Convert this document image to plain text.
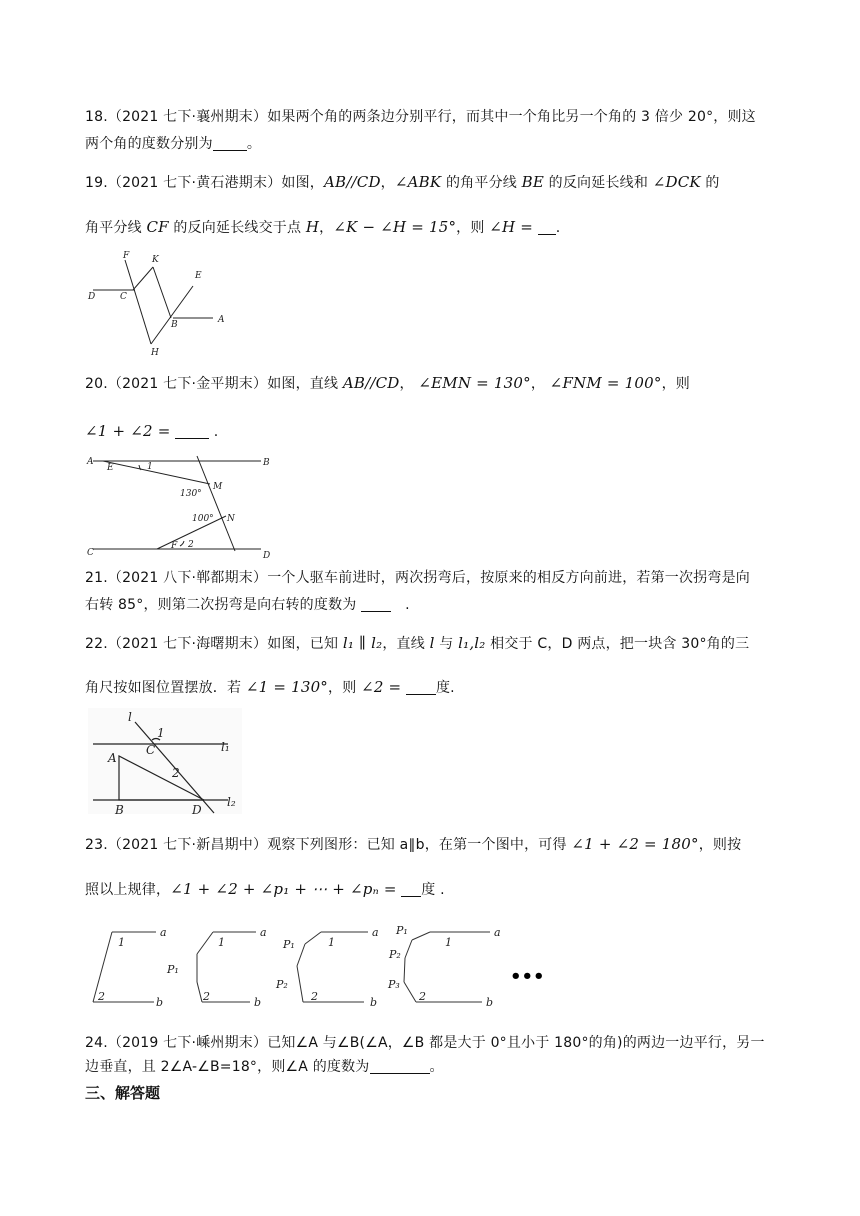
18.（2021 七下·襄州期末）如果两个角的两条边分别平行，而其中一个角比另一个角的 3 倍少 20°，则这
两个角的度数分别为 。
19.（2021 七下·黄石港期末）如图，AB//CD，∠ABK 的角平分线 BE 的反向延长线和 ∠DCK 的
角平分线 CF 的反向延长线交于点 H，∠K − ∠H = 15°，则 ∠H = .
F	K
E
D	C
B	A
H
20.（2021 七下·金平期末）如图，直线 AB//CD， ∠EMN = 130°， ∠FNM = 100°，则
∠1 + ∠2 =	.
A	B
E	1
M
130°
100° N
F 2
C	D
21.（2021 八下·郸都期末）一个人驱车前进时，两次拐弯后，按原来的相反方向前进，若第一次拐弯是向
右转 85°，则第二次拐弯是向右转的度数为	.
22.（2021 七下·海曙期末）如图，已知 l₁ ∥ l₂，直线 l 与 l₁,l₂ 相交于 C，D 两点，把一块含 30°角的三
角尺按如图位置摆放．若 ∠1 = 130°，则 ∠2 = 度.
l
1
C	l₁
A
2
B	D
l₂
23.（2021 七下·新昌期中）观察下列图形：已知 a∥b，在第一个图中，可得 ∠1 + ∠2 = 180°，则按
照以上规律，∠1 + ∠2 + ∠p₁ + ⋯ + ∠pₙ = 度 .
a
1
2	b
a
1
P₁
2	b
a
1
P₁
P₂
2	b
a
1
P₁
P₂
P₃
2	b
•••
24.（2019 七下·嵊州期末）已知∠A 与∠B(∠A，∠B 都是大于 0°且小于 180°的角)的两边一边平行，另一
边垂直，且 2∠A-∠B=18°，则∠A 的度数为	。
三、解答题
